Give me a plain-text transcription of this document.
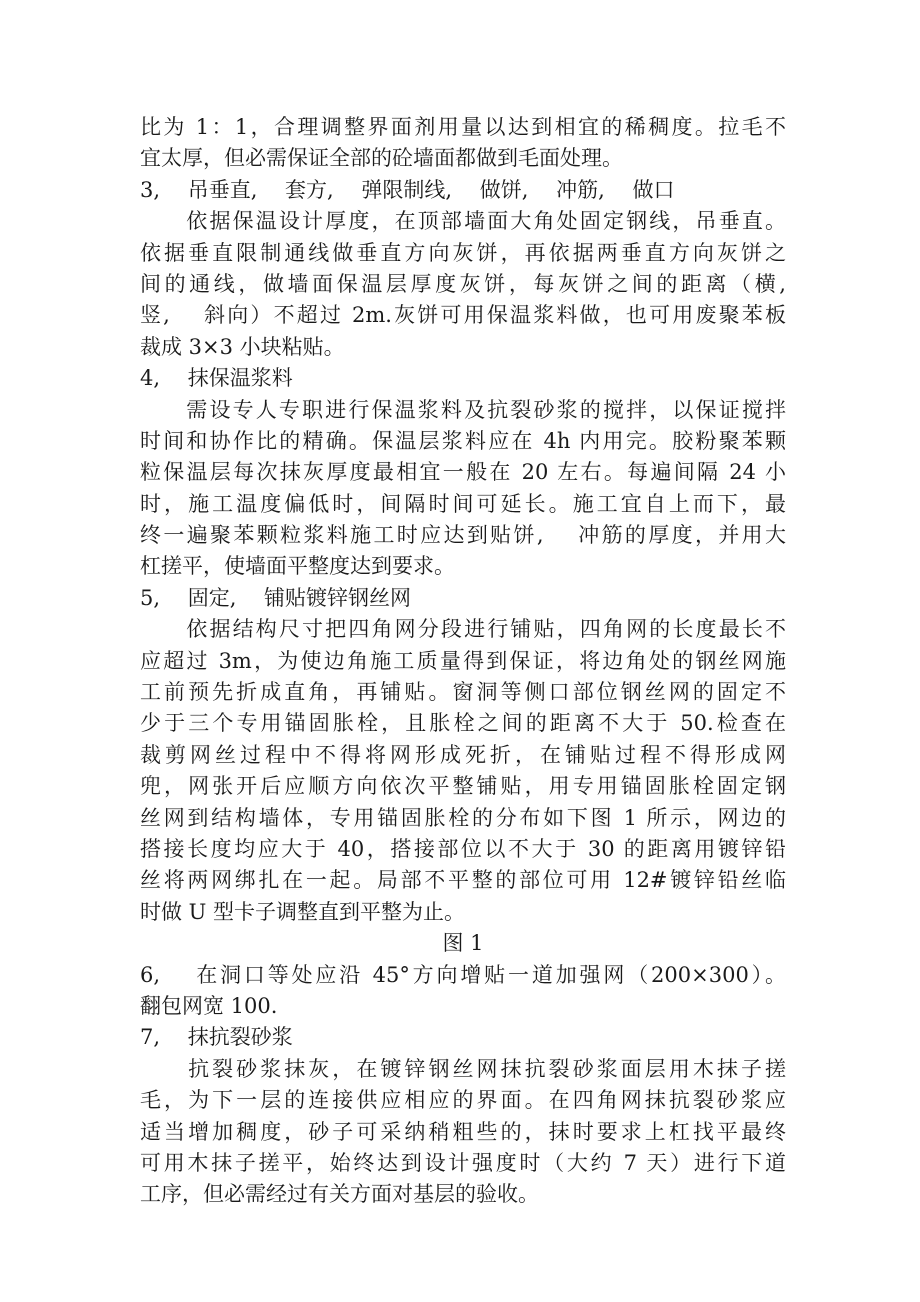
比为 1：1，合理调整界面剂用量以达到相宜的稀稠度。拉毛不
宜太厚，但必需保证全部的砼墙面都做到毛面处理。
3,　 吊垂直,　 套方,　 弹限制线,　 做饼,　 冲筋,　 做口
　　依据保温设计厚度，在顶部墙面大角处固定钢线，吊垂直。
依据垂直限制通线做垂直方向灰饼，再依据两垂直方向灰饼之
间的通线，做墙面保温层厚度灰饼，每灰饼之间的距离（横,
竖,　 斜向）不超过 2m.灰饼可用保温浆料做，也可用废聚苯板
裁成 3×3 小块粘贴。
4,　 抹保温浆料
　　需设专人专职进行保温浆料及抗裂砂浆的搅拌，以保证搅拌
时间和协作比的精确。保温层浆料应在 4h 内用完。胶粉聚苯颗
粒保温层每次抹灰厚度最相宜一般在 20 左右。每遍间隔 24 小
时，施工温度偏低时，间隔时间可延长。施工宜自上而下，最
终一遍聚苯颗粒浆料施工时应达到贴饼,　 冲筋的厚度，并用大
杠搓平，使墙面平整度达到要求。
5,　 固定,　 铺贴镀锌钢丝网
　　依据结构尺寸把四角网分段进行铺贴，四角网的长度最长不
应超过 3m，为使边角施工质量得到保证，将边角处的钢丝网施
工前预先折成直角，再铺贴。窗洞等侧口部位钢丝网的固定不
少于三个专用锚固胀栓，且胀栓之间的距离不大于 50.检查在
裁剪网丝过程中不得将网形成死折，在铺贴过程不得形成网
兜，网张开后应顺方向依次平整铺贴，用专用锚固胀栓固定钢
丝网到结构墙体，专用锚固胀栓的分布如下图 1 所示，网边的
搭接长度均应大于 40，搭接部位以不大于 30 的距离用镀锌铅
丝将两网绑扎在一起。局部不平整的部位可用 12#镀锌铅丝临
时做 U 型卡子调整直到平整为止。
图 1
6,　 在洞口等处应沿 45°方向增贴一道加强网（200×300）。
翻包网宽 100.
7,　 抹抗裂砂浆
　　抗裂砂浆抹灰，在镀锌钢丝网抹抗裂砂浆面层用木抹子搓
毛，为下一层的连接供应相应的界面。在四角网抹抗裂砂浆应
适当增加稠度，砂子可采纳稍粗些的，抹时要求上杠找平最终
可用木抹子搓平，始终达到设计强度时（大约 7 天）进行下道
工序，但必需经过有关方面对基层的验收。
